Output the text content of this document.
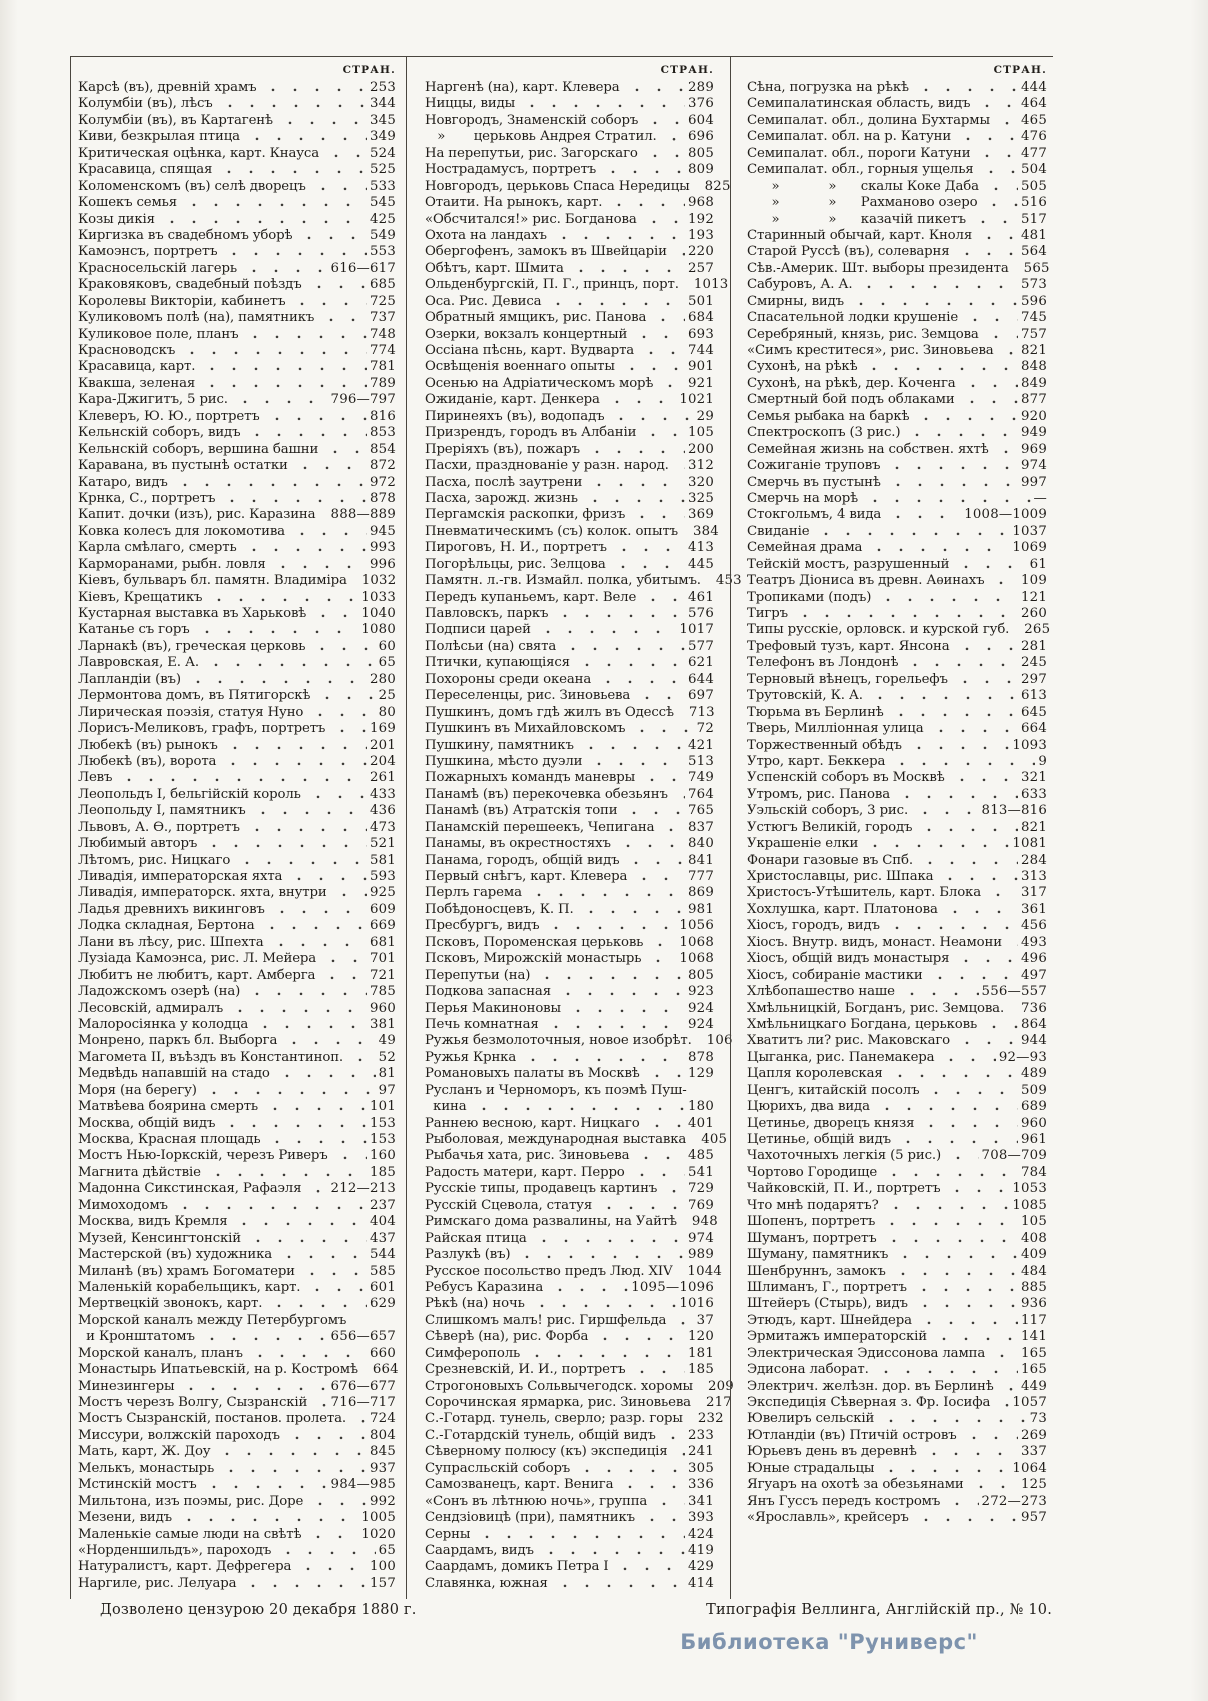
СТРАН.
Карсѣ (въ), древній храмъ	253
Колумбіи (въ), лѣсъ	344
Колумбіи (въ), въ Картагенѣ	345
Киви, безкрылая птица	349
Критическая оцѣнка, карт. Кнауса	524
Красавица, спящая	525
Коломенскомъ (въ) селѣ дворецъ	533
Кошекъ семья	545
Козы дикія	425
Киргизка въ свадебномъ уборѣ	549
Камоэнсъ, портретъ	553
Красносельскій лагерь	616—617
Краковяковъ, свадебный поѣздъ	685
Королевы Викторіи, кабинетъ	725
Куликовомъ полѣ (на), памятникъ	737
Куликовое поле, планъ	748
Красноводскъ	774
Красавица, карт.	781
Квакша, зеленая	789
Кара-Джигитъ, 5 рис.	796—797
Клеверъ, Ю. Ю., портретъ	816
Кельнскій соборъ, видъ	853
Кельнскій соборъ, вершина башни	854
Каравана, въ пустынѣ остатки	872
Катаро, видъ	972
Крнка, С., портретъ	878
Капит. дочки (изъ), рис. Каразина 888—889
Ковка колесъ для локомотива	945
Карла смѣлаго, смерть	993
Карморанами, рыбн. ловля	996
Кіевъ, бульваръ бл. памятн. Владиміра 1032
Кіевъ, Крещатикъ	1033
Кустарная выставка въ Харьковѣ	1040
Катанье съ горъ	1080
Ларнакѣ (въ), греческая церковь	60
Лавровская, Е. А.	65
Лапландіи (въ)	280
Лермонтова домъ, въ Пятигорскѣ	25
Лирическая поэзія, статуя Нуно	80
Лорисъ-Меликовъ, графъ, портретъ	169
Любекѣ (въ) рынокъ	201
Любекѣ (въ), ворота	204
Левъ	261
Леопольдъ I, бельгійскій король	433
Леопольду I, памятникъ	436
Львовъ, А. Ѳ., портретъ	473
Любимый авторъ	521
Лѣтомъ, рис. Ницкаго	581
Ливадія, императорская яхта	593
Ливадія, императорск. яхта, внутри	925
Ладья древнихъ викинговъ	609
Лодка складная, Бертона	669
Лани въ лѣсу, рис. Шпехта	681
Лузіада Камоэнса, рис. Л. Мейера	701
Любитъ не любитъ, карт. Амберга	721
Ладожскомъ озерѣ (на)	785
Лесовскій, адмиралъ	960
Малоросіянка у колодца	381
Монрено, паркъ бл. Выборга	49
Магомета II, въѣздъ въ Константиноп.	52
Медвѣдь напавшій на стадо	81
Моря (на берегу)	97
Матвѣева боярина смерть	101
Москва, общій видъ	153
Москва, Красная площадь	153
Мостъ Нью-Іоркскій, черезъ Риверъ	160
Магнита дѣйствіе	185
Мадонна Сикстинская, Рафаэля 212—213
Мимоходомъ	237
Москва, видъ Кремля	404
Музей, Кенсингтонскій	437
Мастерской (въ) художника	544
Миланѣ (въ) храмъ Богоматери	585
Маленькій корабельщикъ, карт.	601
Мертвецкій звонокъ, карт.	629
Морской каналъ между Петербургомъ
и Кронштатомъ	656—657
Морской каналъ, планъ	660
Монастырь Ипатьевскій, на р. Костромѣ 664
Минезингеры	676—677
Мостъ черезъ Волгу, Сызранскій 716—717
Мостъ Сызранскій, постанов. пролета. 724
Миссури, волжскій пароходъ	804
Мать, карт, Ж. Доу	845
Мелькъ, монастырь	937
Мстинскій мостъ	984—985
Мильтона, изъ поэмы, рис. Доре	992
Мезени, видъ	1005
Маленькіе самые люди на свѣтѣ	1020
«Норденшильдъ», пароходъ	65
Натуралистъ, карт. Дефрегера	100
Наргиле, рис. Лелуара	157
СТРАН.
Наргенѣ (на), карт. Клевера	289
Ниццы, виды	376
Новгородъ, Знаменскій соборъ	604
»       церьковь Андрея Стратил. 696
На перепутьи, рис. Загорскаго	805
Нострадамусъ, портретъ	809
Новгородъ, церьковь Спаса Нередицы 825
Отаити. На рынокъ, карт.	968
«Обсчитался!» рис. Богданова	192
Охота на ландахъ	193
Обергофенъ, замокъ въ Швейцаріи 220
Обѣтъ, карт. Шмита	257
Ольденбургскій, П. Г., принцъ, порт. 1013
Оса. Рис. Девиса	501
Обратный ямщикъ, рис. Панова	684
Озерки, вокзалъ концертный	693
Оссіана пѣснь, карт. Вудварта	744
Освѣщенія военнаго опыты	901
Осенью на Адріатическомъ морѣ	921
Ожиданіе, карт. Денкера	1021
Пиринеяхъ (въ), водопадъ	29
Призрендъ, городъ въ Албаніи	105
Преріяхъ (въ), пожаръ	200
Пасхи, празднованіе у разн. народ. 312
Пасха, послѣ заутрени	320
Пасха, зарожд. жизнь	325
Пергамскія раскопки, фризъ	369
Пневматическимъ (съ) колок. опытъ 384
Пироговъ, Н. И., портретъ	413
Погорѣльцы, рис. Зелцова	445
Памятн. л.-гв. Измайл. полка, убитымъ. 453
Передъ купаньемъ, карт. Веле	461
Павловскъ, паркъ	576
Подписи царей	1017
Полѣсьи (на) свята	577
Птички, купающіяся	621
Похороны среди океана	644
Переселенцы, рис. Зиновьева	697
Пушкинъ, домъ гдѣ жилъ въ Одессѣ 713
Пушкинъ въ Михайловскомъ	72
Пушкину, памятникъ	421
Пушкина, мѣсто дуэли	513
Пожарныхъ командъ маневры	749
Панамѣ (въ) перекочевка обезьянъ 764
Панамѣ (въ) Атратскія топи	765
Панамскій перешеекъ, Чепигана	837
Панамы, въ окрестностяхъ	840
Панама, городъ, общій видъ	841
Первый снѣгъ, карт. Клевера	777
Перлъ гарема	869
Побѣдоносцевъ, К. П.	981
Пресбургъ, видъ	1056
Псковъ, Пороменская церьковь	1068
Псковъ, Мирожскій монастырь	1068
Перепутьи (на)	805
Подкова запасная	923
Перья Макиноновы	924
Печь комнатная	924
Ружья безмолоточныя, новое изобрѣт. 106
Ружья Крнка	878
Романовыхъ палаты въ Москвѣ	129
Русланъ и Черноморъ, къ поэмѣ Пуш-
кина	180
Раннею весною, карт. Ницкаго	401
Рыболовая, международная выставка 405
Рыбачья хата, рис. Зиновьева	485
Радость матери, карт. Перро	541
Русскіе типы, продавецъ картинъ 729
Русскій Сцевола, статуя	769
Римскаго дома развалины, на Уайтѣ 948
Райская птица	974
Разлукѣ (въ)	989
Русское посольство предъ Люд. XIV 1044
Ребусъ Каразина	1095—1096
Рѣкѣ (на) ночь	1016
Слишкомъ малъ! рис. Гиршфельда 37
Сѣверѣ (на), рис. Форба	120
Симферополь	181
Срезневскій, И. И., портретъ	185
Строгоновыхъ Сольвычегодск. хоромы 209
Сорочинская ярмарка, рис. Зиновьева 217
С.-Готард. тунель, сверло; разр. горы 232
С.-Готардскій тунель, общій видъ 233
Сѣверному полюсу (къ) экспедиція 241
Супрасльскій соборъ	305
Самозванецъ, карт. Венига	336
«Сонъ въ лѣтнюю ночь», группа	341
Сендзіовицѣ (при), памятникъ	393
Серны	424
Саардамъ, видъ	419
Саардамъ, домикъ Петра I	429
Славянка, южная	414
СТРАН.
Сѣна, погрузка на рѣкѣ	444
Семипалатинская область, видъ	464
Семипалат. обл., долина Бухтармы 465
Семипалат. обл. на р. Катуни	476
Семипалат. обл., пороги Катуни	477
Семипалат. обл., горныя ущелья	504
»            »      скалы Коке Даба	505
»            »      Рахманово озеро	516
»            »      казачій пикетъ	517
Старинный обычай, карт. Кноля	481
Старой Руссѣ (въ), солеварня	564
Сѣв.-Америк. Шт. выборы президента 565
Сабуровъ, А. А.	573
Смирны, видъ	596
Спасательной лодки крушеніе	745
Серебряный, князь, рис. Земцова	757
«Симъ креститеся», рис. Зиновьева 821
Сухонѣ, на рѣкѣ	848
Сухонѣ, на рѣкѣ, дер. Коченга	849
Смертный бой подъ облаками	877
Семья рыбака на баркѣ	920
Спектроскопъ (3 рис.)	949
Семейная жизнь на собствен. яхтѣ 969
Сожиганіе труповъ	974
Смерчь въ пустынѣ	997
Смерчь на морѣ	—
Стокгольмъ, 4 вида	1008—1009
Свиданіе	1037
Семейная драма	1069
Тейскій мостъ, разрушенный	61
Театръ Діониса въ древн. Аѳинахъ	109
Тропиками (подъ)	121
Тигръ	260
Типы русскіе, орловск. и курской губ. 265
Трефовый тузъ, карт. Янсона	281
Телефонъ въ Лондонѣ	245
Терновый вѣнецъ, горельефъ	297
Трутовскій, К. А.	613
Тюрьма въ Берлинѣ	645
Тверь, Милліонная улица	664
Торжественный обѣдъ	1093
Утро, карт. Беккера	9
Успенскій соборъ въ Москвѣ	321
Утромъ, рис. Панова	633
Уэльскій соборъ, 3 рис.	813—816
Устюгъ Великій, городъ	821
Украшеніе елки	1081
Фонари газовые въ Спб.	284
Христославцы, рис. Шпака	313
Христосъ-Утѣшитель, карт. Блока	317
Хохлушка, карт. Платонова	361
Хіосъ, городъ, видъ	456
Хіосъ. Внутр. видъ, монаст. Неамони 493
Хіосъ, общій видъ монастыря	496
Хіосъ, собираніе мастики	497
Хлѣбопашество наше	556—557
Хмѣльницкій, Богданъ, рис. Земцова. 736
Хмѣльницкаго Богдана, церьковь	864
Хватитъ ли? рис. Маковскаго	944
Цыганка, рис. Панемакера	92—93
Цапля королевская	489
Ценгъ, китайскій посолъ	509
Цюрихъ, два вида	689
Цетинье, дворецъ князя	960
Цетинье, общій видъ	961
Чахоточныхъ легкія (5 рис.)	708—709
Чортово Городище	784
Чайковскій, П. И., портретъ	1053
Что мнѣ подарятъ?	1085
Шопенъ, портретъ	105
Шуманъ, портретъ	408
Шуману, памятникъ	409
Шенбруннъ, замокъ	484
Шлиманъ, Г., портретъ	885
Штейеръ (Стырь), видъ	936
Этюдъ, карт. Шнейдера	117
Эрмитажъ императорскій	141
Электрическая Эдиссонова лампа	165
Эдисона лаборат.	165
Электрич. желѣзн. дор. въ Берлинѣ 449
Экспедиція Сѣверная з. Фр. Іосифа 1057
Ювелиръ сельскій	73
Ютландіи (въ) Птичій островъ	269
Юрьевъ день въ деревнѣ	337
Юные страдальцы	1064
Ягуаръ на охотѣ за обезьянами	125
Янъ Гуссъ передъ костромъ	272—273
«Ярославль», крейсеръ	957
Дозволено цензурою 20 декабря 1880 г.	Типографія Веллинга, Англійскій пр., № 10.
Библиотека "Руниверс"
